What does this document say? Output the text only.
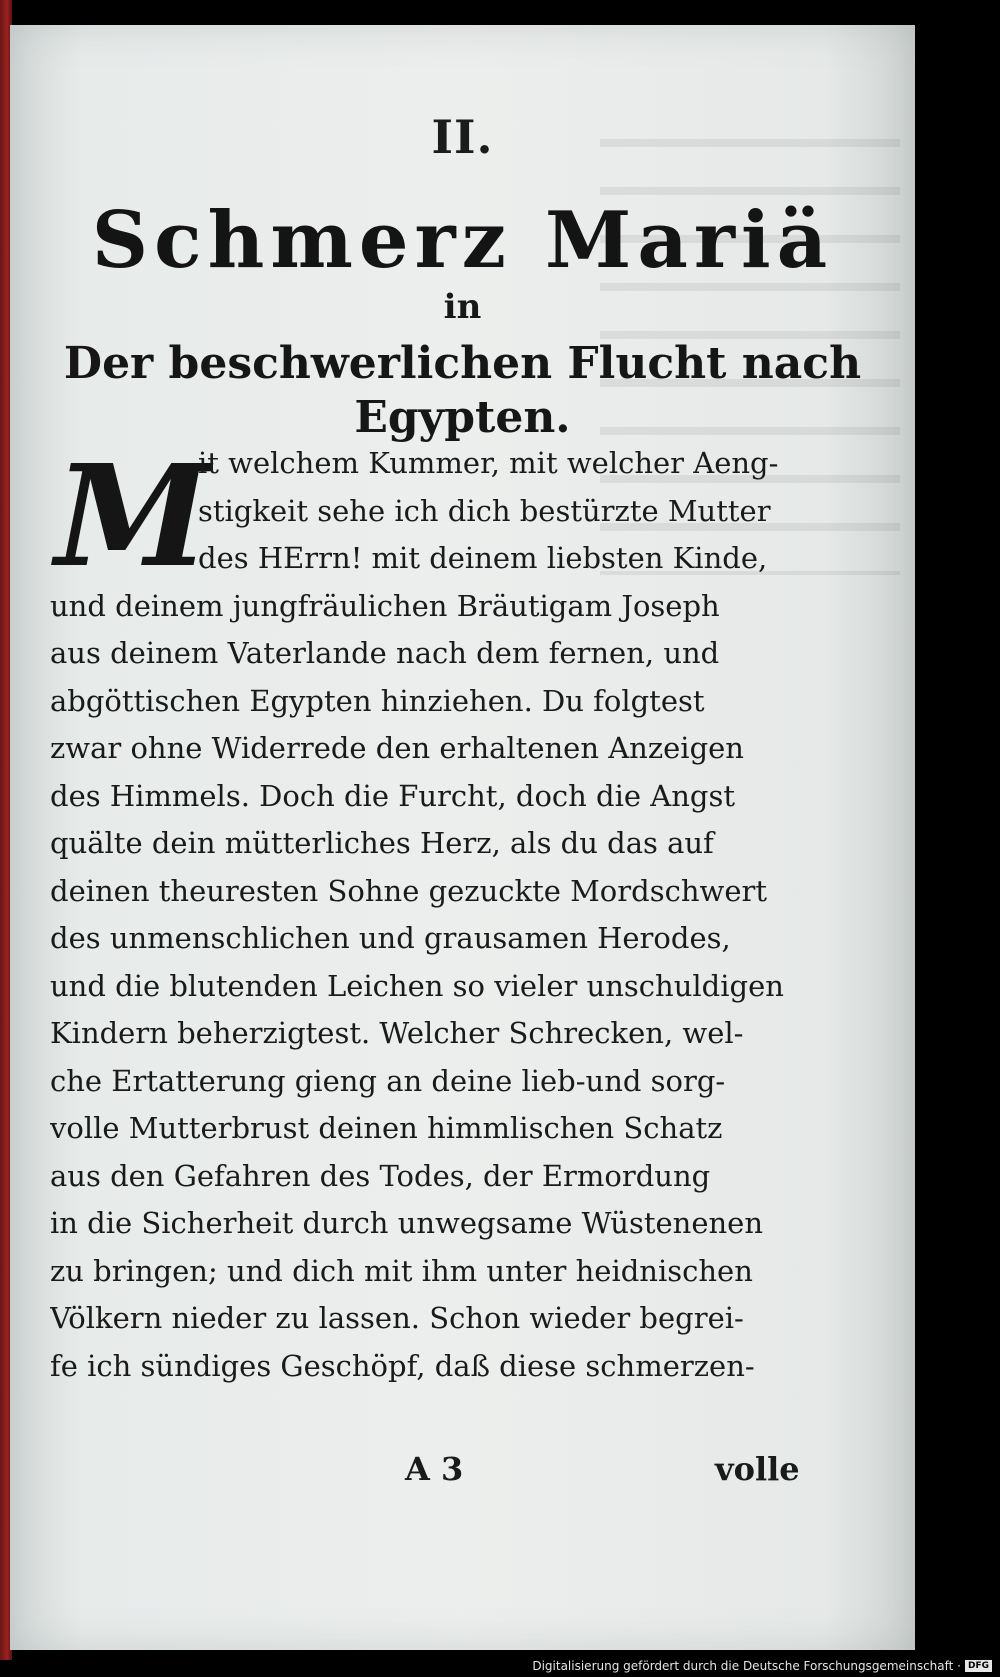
II.
Schmerz Mariä
in
Der beschwerlichen Flucht nach
Egypten.
M
it welchem Kummer, mit welcher Aeng-
stigkeit sehe ich dich bestürzte Mutter
des HErrn! mit deinem liebsten Kinde,
und deinem jungfräulichen Bräutigam Joseph
aus deinem Vaterlande nach dem fernen, und
abgöttischen Egypten hinziehen. Du folgtest
zwar ohne Widerrede den erhaltenen Anzeigen
des Himmels. Doch die Furcht, doch die Angst
quälte dein mütterliches Herz, als du das auf
deinen theuresten Sohne gezuckte Mordschwert
des unmenschlichen und grausamen Herodes,
und die blutenden Leichen so vieler unschuldigen
Kindern beherzigtest. Welcher Schrecken, wel-
che Ertatterung gieng an deine lieb-und sorg-
volle Mutterbrust deinen himmlischen Schatz
aus den Gefahren des Todes, der Ermordung
in die Sicherheit durch unwegsame Wüstenenen
zu bringen; und dich mit ihm unter heidnischen
Völkern nieder zu lassen. Schon wieder begrei-
fe ich sündiges Geschöpf, daß diese schmerzen-
A 3	volle
Digitalisierung gefördert durch die Deutsche Forschungsgemeinschaft · DFG
